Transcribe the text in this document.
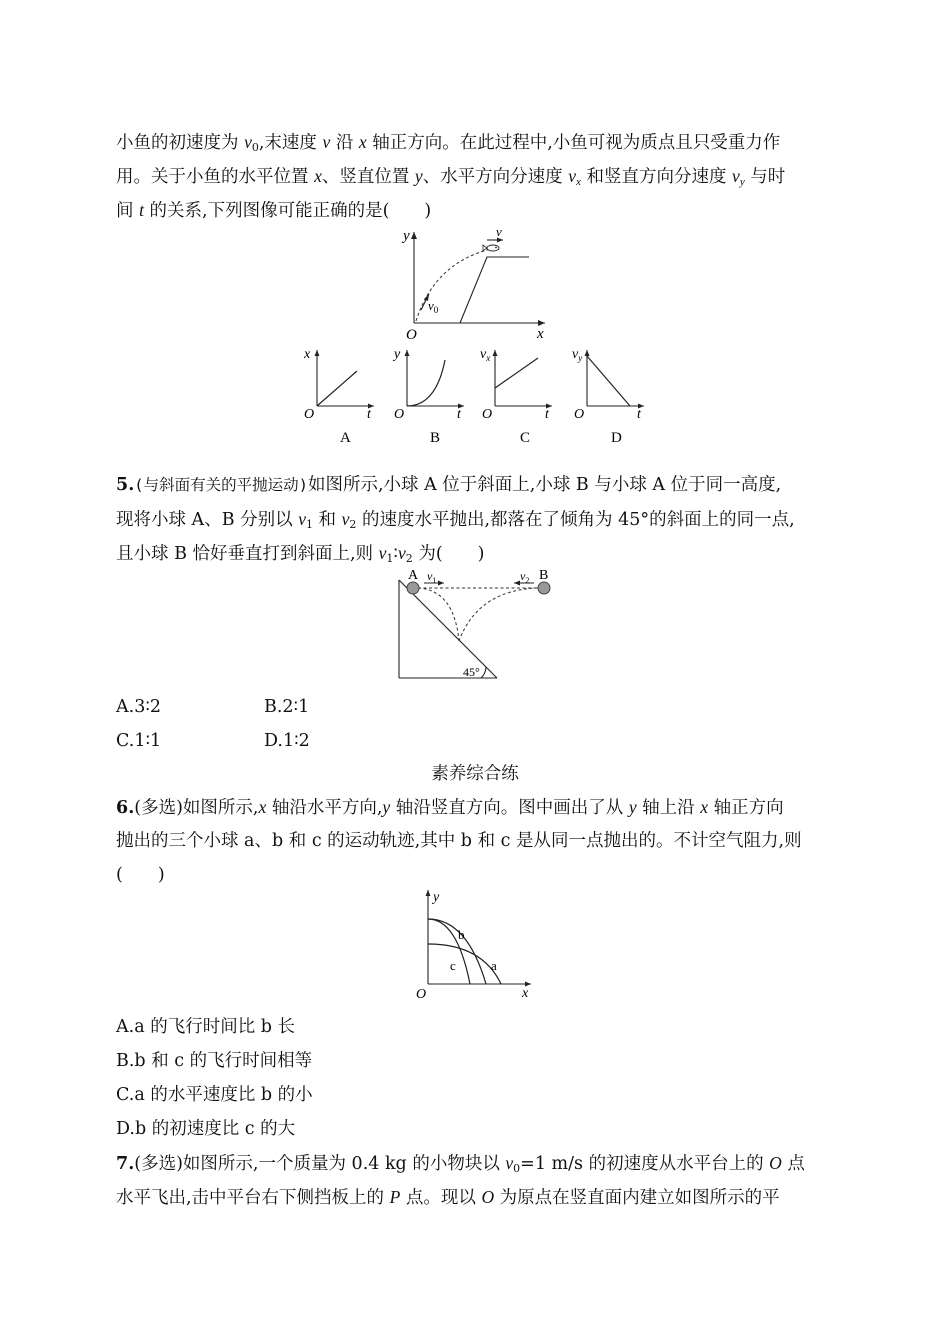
小鱼的初速度为 $v_0$,末速度 v 沿 x 轴正方向。在此过程中,小鱼可视为质点且只受重力作
用。关于小鱼的水平位置 x、竖直位置 y、水平方向分速度 $v_x$ 和竖直方向分速度 $v_y$ 与时
间 t 的关系,下列图像可能正确的是(　　)
y
x
O
v
$v_0$
x
O	t
A
y
O	t
B
$v_x$
O	t
C
$v_y$
O	t
D
5.(与斜面有关的平抛运动)如图所示,小球 A 位于斜面上,小球 B 与小球 A 位于同一高度,
现将小球 A、B 分别以 $v_1$ 和 $v_2$ 的速度水平抛出,都落在了倾角为 45°的斜面上的同一点,
且小球 B 恰好垂直打到斜面上,则 $v_1∶v_2$ 为(　　)
A	B
$v_1$	$v_2$
45°
A.3∶2	B.2∶1
C.1∶1	D.1∶2
素养综合练
6.(多选)如图所示,x 轴沿水平方向,y 轴沿竖直方向。图中画出了从 y 轴上沿 x 轴正方向
抛出的三个小球 a、b 和 c 的运动轨迹,其中 b 和 c 是从同一点抛出的。不计空气阻力,则
(　　)
y
x
O
b
c	a
A.a 的飞行时间比 b 长
B.b 和 c 的飞行时间相等
C.a 的水平速度比 b 的小
D.b 的初速度比 c 的大
7.(多选)如图所示,一个质量为 0.4 kg 的小物块以 $v_0=1$ m/s 的初速度从水平台上的 O 点
水平飞出,击中平台右下侧挡板上的 P 点。现以 O 为原点在竖直面内建立如图所示的平
